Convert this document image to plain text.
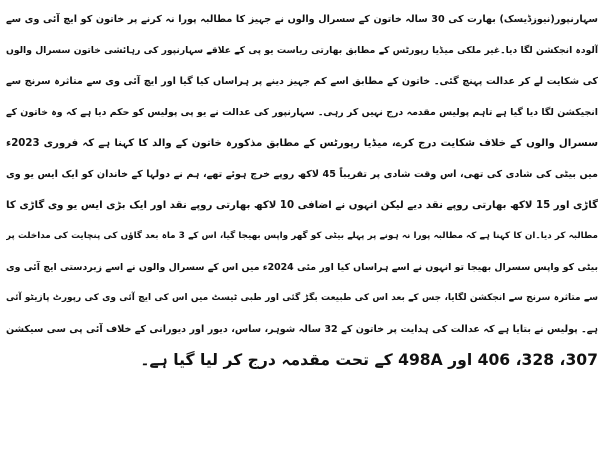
سہارنپور(نیوزڈیسک) بھارت کی 30 سالہ خاتون کے سسرال والوں نے جہیز کا مطالبہ پورا نہ کرنے پر خاتون کو ایچ آئی وی سے
آلودہ انجکشن لگا دیا۔غیر ملکی میڈیا رپورٹس کے مطابق بھارتی ریاست یو پی کے علاقے سہارنپور کی رہائشی خاتون سسرال والوں
کی شکایت لے کر عدالت پہنچ گئی۔ خاتون کے مطابق اسے کم جہیز دینے پر ہراساں کیا گیا اور ایچ آئی وی سے متاثرہ سرنج سے
انجیکشن لگا دیا گیا ہے تاہم پولیس مقدمہ درج نہیں کر رہی۔ سہارنپور کی عدالت نے یو پی پولیس کو حکم دیا ہے کہ وہ خاتون کے
سسرال والوں کے خلاف شکایت درج کرے، میڈیا رپورٹس کے مطابق مذکورہ خاتون کے والد کا کہنا ہے کہ فروری 2023ء
میں بیٹی کی شادی کی تھی، اس وقت شادی پر تقریباً 45 لاکھ روپے خرچ ہوئے تھے، ہم نے دولہا کے خاندان کو ایک ایس یو وی
گاڑی اور 15 لاکھ بھارتی روپے نقد دیے لیکن انہوں نے اضافی 10 لاکھ بھارتی روپے نقد اور ایک بڑی ایس یو وی گاڑی کا
مطالبہ کر دیا۔ان کا کہنا ہے کہ مطالبہ پورا نہ ہونے پر پہلے بیٹی کو گھر واپس بھیجا گیا، اس کے 3 ماہ بعد گاؤں کی پنچایت کی مداخلت پر
بیٹی کو واپس سسرال بھیجا تو انہوں نے اسے ہراساں کیا اور مئی 2024ء میں اس کے سسرال والوں نے اسے زبردستی ایچ آئی وی
سے متاثرہ سرنج سے انجکشن لگایا، جس کے بعد اس کی طبیعت بگڑ گئی اور طبی ٹیسٹ میں اس کی ایچ آئی وی کی رپورٹ پازیٹو آئی
ہے۔ پولیس نے بتایا ہے کہ عدالت کی ہدایت پر خاتون کے 32 سالہ شوہر، ساس، دیور اور دیورانی کے خلاف آئی پی سی سیکشن
307، 328، 406 اور 498A کے تحت مقدمہ درج کر لیا گیا ہے۔
